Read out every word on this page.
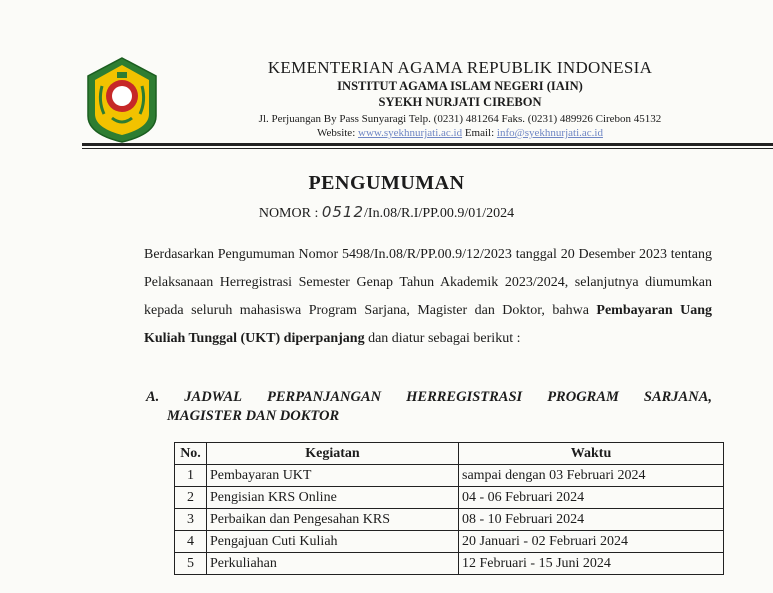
KEMENTERIAN AGAMA REPUBLIK INDONESIA
INSTITUT AGAMA ISLAM NEGERI (IAIN)
SYEKH NURJATI CIREBON
Jl. Perjuangan By Pass Sunyaragi Telp. (0231) 481264 Faks. (0231) 489926 Cirebon 45132
Website: www.syekhnurjati.ac.id Email: info@syekhnurjati.ac.id
PENGUMUMAN
NOMOR : 0512/In.08/R.I/PP.00.9/01/2024
Berdasarkan Pengumuman Nomor 5498/In.08/R/PP.00.9/12/2023 tanggal 20 Desember 2023 tentang Pelaksanaan Herregistrasi Semester Genap Tahun Akademik 2023/2024, selanjutnya diumumkan kepada seluruh mahasiswa Program Sarjana, Magister dan Doktor, bahwa Pembayaran Uang Kuliah Tunggal (UKT) diperpanjang dan diatur sebagai berikut :
A. JADWAL PERPANJANGAN HERREGISTRASI PROGRAM SARJANA,
MAGISTER DAN DOKTOR
No.	Kegiatan	Waktu
1	Pembayaran UKT	sampai dengan 03 Februari 2024
2	Pengisian KRS Online	04 - 06 Februari 2024
3	Perbaikan dan Pengesahan KRS	08 - 10 Februari 2024
4	Pengajuan Cuti Kuliah	20 Januari - 02 Februari 2024
5	Perkuliahan	12 Februari - 15 Juni 2024
